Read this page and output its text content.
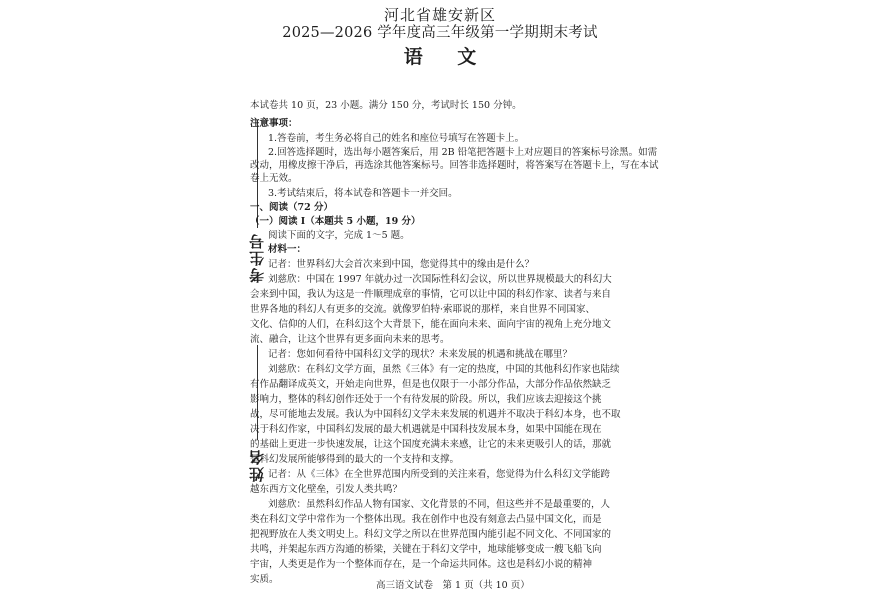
河北省雄安新区
2025—2026 学年度高三年级第一学期期末考试
语 文
考生号
姓名
本试卷共 10 页，23 小题。满分 150 分，考试时长 150 分钟。
注意事项：
1.答卷前，考生务必将自己的姓名和座位号填写在答题卡上。
2.回答选择题时，选出每小题答案后，用 2B 铅笔把答题卡上对应题目的答案标号涂黑。如需
改动，用橡皮擦干净后，再选涂其他答案标号。回答非选择题时，将答案写在答题卡上，写在本试
卷上无效。
3.考试结束后，将本试卷和答题卡一并交回。
一、阅读（72 分）
（一）阅读 I（本题共 5 小题，19 分）
阅读下面的文字，完成 1～5 题。
材料一：
记者：世界科幻大会首次来到中国，您觉得其中的缘由是什么？
刘慈欣：中国在 1997 年就办过一次国际性科幻会议，所以世界规模最大的科幻大
会来到中国，我认为这是一件顺理成章的事情，它可以让中国的科幻作家、读者与来自
世界各地的科幻人有更多的交流。就像罗伯特·索耶说的那样，来自世界不同国家、
文化、信仰的人们，在科幻这个大背景下，能在面向未来、面向宇宙的视角上充分地文
流、融合，让这个世界有更多面向未来的思考。
记者：您如何看待中国科幻文学的现状？未来发展的机遇和挑战在哪里？
刘慈欣：在科幻文学方面，虽然《三体》有一定的热度，中国的其他科幻作家也陆续
有作品翻译成英文，开始走向世界，但是也仅限于一小部分作品，大部分作品依然缺乏
影响力，整体的科幻创作还处于一个有待发展的阶段。所以，我们应该去迎接这个挑
战，尽可能地去发展。我认为中国科幻文学未来发展的机遇并不取决于科幻本身，也不取
决于科幻作家，中国科幻发展的最大机遇就是中国科技发展本身，如果中国能在现在
的基础上更进一步快速发展，让这个国度充满未来感，让它的未来更吸引人的话，那就
是科幻发展所能够得到的最大的一个支持和支撑。
记者：从《三体》在全世界范围内所受到的关注来看，您觉得为什么科幻文学能跨
越东西方文化壁垒，引发人类共鸣？
刘慈欣：虽然科幻作品人物有国家、文化背景的不同，但这些并不是最重要的，人
类在科幻文学中常作为一个整体出现。我在创作中也没有刻意去凸显中国文化，而是
把视野放在人类文明史上。科幻文学之所以在世界范围内能引起不同文化、不同国家的
共鸣，并架起东西方沟通的桥梁，关键在于科幻文学中，地球能够变成一艘飞船飞向
宇宙，人类更是作为一个整体而存在，是一个命运共同体。这也是科幻小说的精神
实质。
高三语文试卷　第 1 页（共 10 页）
